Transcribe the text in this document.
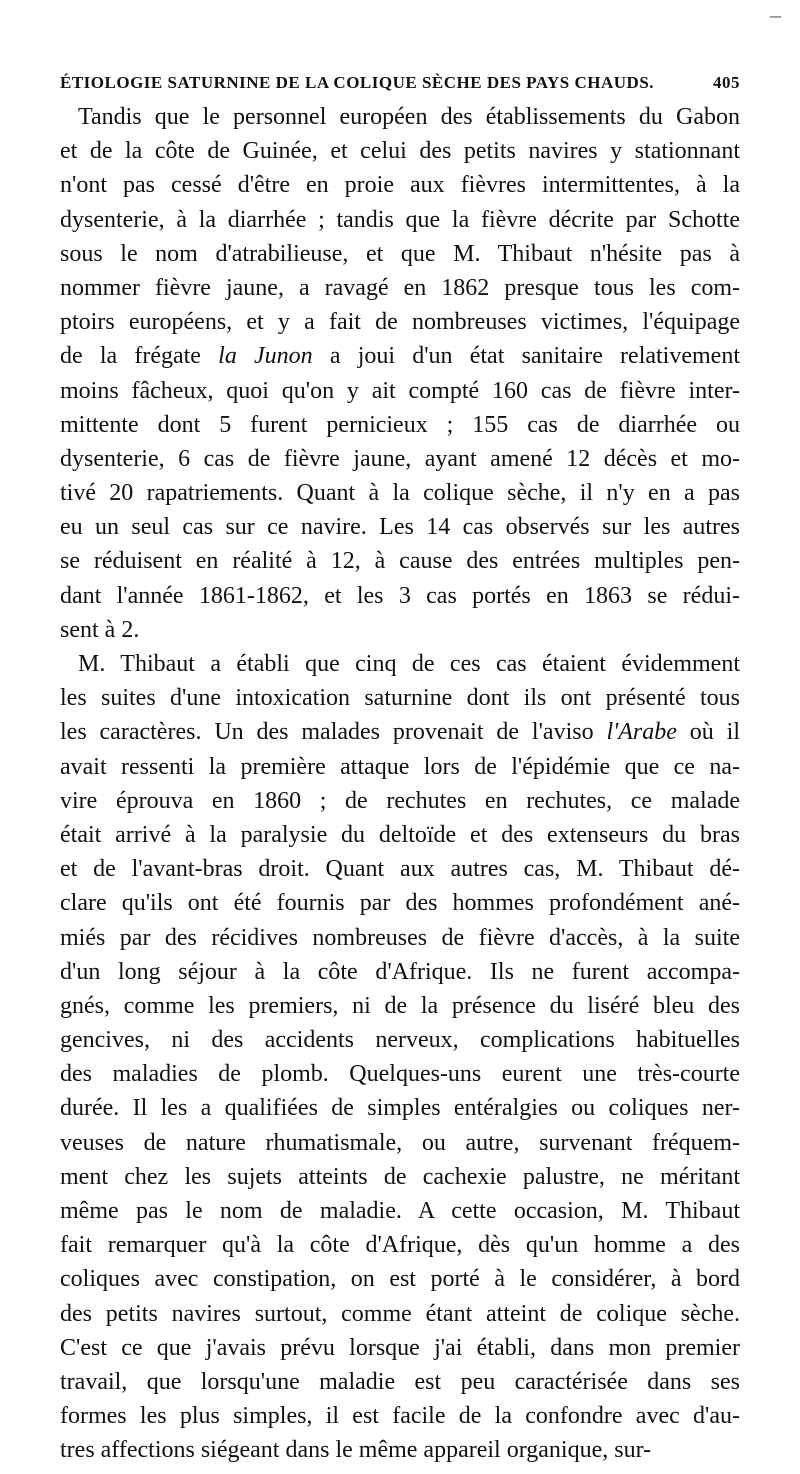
–
ÉTIOLOGIE SATURNINE DE LA COLIQUE SÈCHE DES PAYS CHAUDS.	405
Tandis que le personnel européen des établissements du Gabon
et de la côte de Guinée, et celui des petits navires y stationnant
n'ont pas cessé d'être en proie aux fièvres intermittentes, à la
dysenterie, à la diarrhée ; tandis que la fièvre décrite par Schotte
sous le nom d'atrabilieuse, et que M. Thibaut n'hésite pas à
nommer fièvre jaune, a ravagé en 1862 presque tous les com-
ptoirs européens, et y a fait de nombreuses victimes, l'équipage
de la frégate la Junon a joui d'un état sanitaire relativement
moins fâcheux, quoi qu'on y ait compté 160 cas de fièvre inter-
mittente dont 5 furent pernicieux ; 155 cas de diarrhée ou
dysenterie, 6 cas de fièvre jaune, ayant amené 12 décès et mo-
tivé 20 rapatriements. Quant à la colique sèche, il n'y en a pas
eu un seul cas sur ce navire. Les 14 cas observés sur les autres
se réduisent en réalité à 12, à cause des entrées multiples pen-
dant l'année 1861-1862, et les 3 cas portés en 1863 se rédui-
sent à 2.
M. Thibaut a établi que cinq de ces cas étaient évidemment
les suites d'une intoxication saturnine dont ils ont présenté tous
les caractères. Un des malades provenait de l'aviso l'Arabe où il
avait ressenti la première attaque lors de l'épidémie que ce na-
vire éprouva en 1860 ; de rechutes en rechutes, ce malade
était arrivé à la paralysie du deltoïde et des extenseurs du bras
et de l'avant-bras droit. Quant aux autres cas, M. Thibaut dé-
clare qu'ils ont été fournis par des hommes profondément ané-
miés par des récidives nombreuses de fièvre d'accès, à la suite
d'un long séjour à la côte d'Afrique. Ils ne furent accompa-
gnés, comme les premiers, ni de la présence du liséré bleu des
gencives, ni des accidents nerveux, complications habituelles
des maladies de plomb. Quelques-uns eurent une très-courte
durée. Il les a qualifiées de simples entéralgies ou coliques ner-
veuses de nature rhumatismale, ou autre, survenant fréquem-
ment chez les sujets atteints de cachexie palustre, ne méritant
même pas le nom de maladie. A cette occasion, M. Thibaut
fait remarquer qu'à la côte d'Afrique, dès qu'un homme a des
coliques avec constipation, on est porté à le considérer, à bord
des petits navires surtout, comme étant atteint de colique sèche.
C'est ce que j'avais prévu lorsque j'ai établi, dans mon premier
travail, que lorsqu'une maladie est peu caractérisée dans ses
formes les plus simples, il est facile de la confondre avec d'au-
tres affections siégeant dans le même appareil organique, sur-
